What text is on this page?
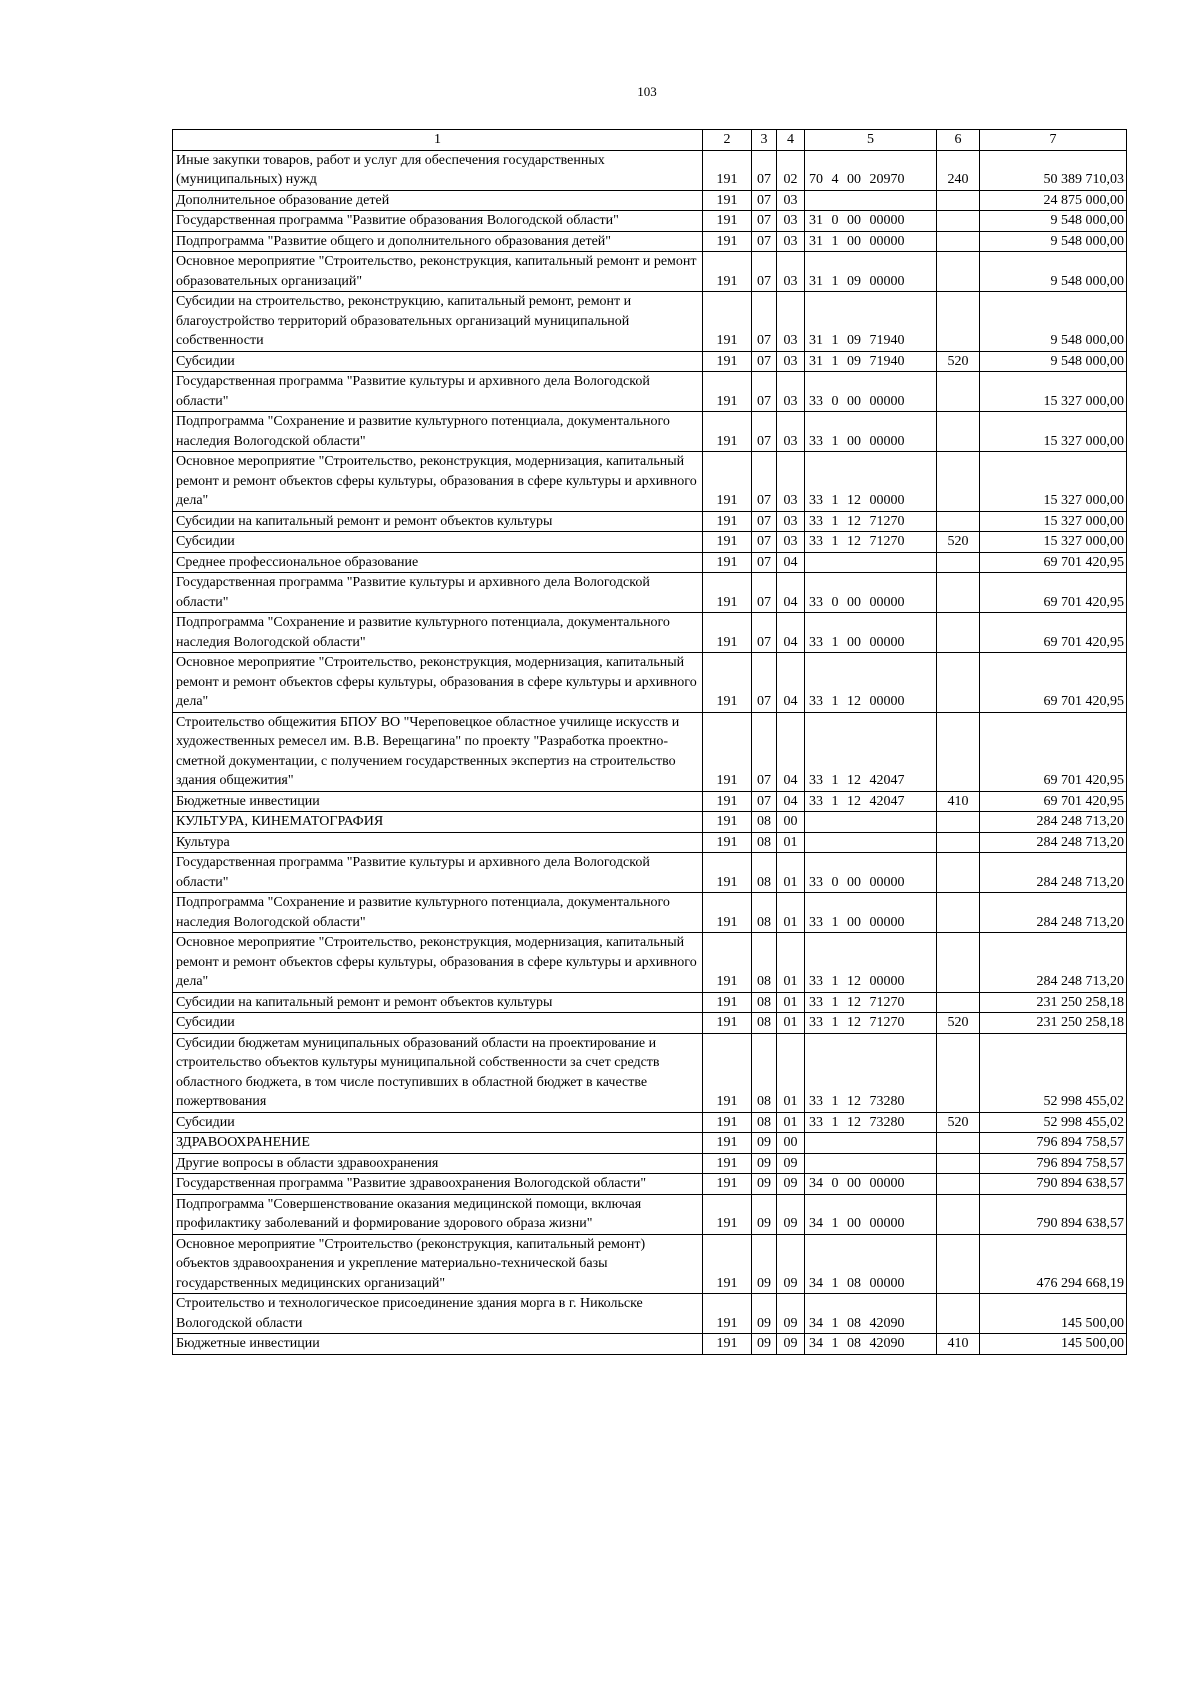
103
1	2	3	4	5	6	7
Иные закупки товаров, работ и услуг для обеспечения государственных (муниципальных) нужд	191	07	02	70 4 00 20970	240	50 389 710,03
Дополнительное образование детей	191	07	03			24 875 000,00
Государственная программа "Развитие образования Вологодской области"	191	07	03	31 0 00 00000		9 548 000,00
Подпрограмма "Развитие общего и дополнительного образования детей"	191	07	03	31 1 00 00000		9 548 000,00
Основное мероприятие "Строительство, реконструкция, капитальный ремонт и ремонт образовательных организаций"	191	07	03	31 1 09 00000		9 548 000,00
Субсидии на строительство, реконструкцию, капитальный ремонт, ремонт и благоустройство территорий образовательных организаций муниципальной собственности	191	07	03	31 1 09 71940		9 548 000,00
Субсидии	191	07	03	31 1 09 71940	520	9 548 000,00
Государственная программа "Развитие культуры и архивного дела Вологодской области"	191	07	03	33 0 00 00000		15 327 000,00
Подпрограмма "Сохранение и развитие культурного потенциала, документального наследия Вологодской области"	191	07	03	33 1 00 00000		15 327 000,00
Основное мероприятие "Строительство, реконструкция, модернизация, капитальный ремонт и ремонт объектов сферы культуры, образования в сфере культуры и архивного дела"	191	07	03	33 1 12 00000		15 327 000,00
Субсидии на капитальный ремонт и ремонт объектов культуры	191	07	03	33 1 12 71270		15 327 000,00
Субсидии	191	07	03	33 1 12 71270	520	15 327 000,00
Среднее профессиональное образование	191	07	04			69 701 420,95
Государственная программа "Развитие культуры и архивного дела Вологодской области"	191	07	04	33 0 00 00000		69 701 420,95
Подпрограмма "Сохранение и развитие культурного потенциала, документального наследия Вологодской области"	191	07	04	33 1 00 00000		69 701 420,95
Основное мероприятие "Строительство, реконструкция, модернизация, капитальный ремонт и ремонт объектов сферы культуры, образования в сфере культуры и архивного дела"	191	07	04	33 1 12 00000		69 701 420,95
Строительство общежития БПОУ ВО "Череповецкое областное училище искусств и художественных ремесел им. В.В. Верещагина" по проекту "Разработка проектно-сметной документации, с получением государственных экспертиз на строительство здания общежития"	191	07	04	33 1 12 42047		69 701 420,95
Бюджетные инвестиции	191	07	04	33 1 12 42047	410	69 701 420,95
КУЛЬТУРА, КИНЕМАТОГРАФИЯ	191	08	00			284 248 713,20
Культура	191	08	01			284 248 713,20
Государственная программа "Развитие культуры и архивного дела Вологодской области"	191	08	01	33 0 00 00000		284 248 713,20
Подпрограмма "Сохранение и развитие культурного потенциала, документального наследия Вологодской области"	191	08	01	33 1 00 00000		284 248 713,20
Основное мероприятие "Строительство, реконструкция, модернизация, капитальный ремонт и ремонт объектов сферы культуры, образования в сфере культуры и архивного дела"	191	08	01	33 1 12 00000		284 248 713,20
Субсидии на капитальный ремонт и ремонт объектов культуры	191	08	01	33 1 12 71270		231 250 258,18
Субсидии	191	08	01	33 1 12 71270	520	231 250 258,18
Субсидии бюджетам муниципальных образований области на проектирование и строительство объектов культуры муниципальной собственности за счет средств областного бюджета, в том числе поступивших в областной бюджет в качестве пожертвования	191	08	01	33 1 12 73280		52 998 455,02
Субсидии	191	08	01	33 1 12 73280	520	52 998 455,02
ЗДРАВООХРАНЕНИЕ	191	09	00			796 894 758,57
Другие вопросы в области здравоохранения	191	09	09			796 894 758,57
Государственная программа "Развитие здравоохранения Вологодской области"	191	09	09	34 0 00 00000		790 894 638,57
Подпрограмма "Совершенствование оказания медицинской помощи, включая профилактику заболеваний и формирование здорового образа жизни"	191	09	09	34 1 00 00000		790 894 638,57
Основное мероприятие "Строительство (реконструкция, капитальный ремонт) объектов здравоохранения и укрепление материально-технической базы государственных медицинских организаций"	191	09	09	34 1 08 00000		476 294 668,19
Строительство и технологическое присоединение здания морга в г. Никольске Вологодской области	191	09	09	34 1 08 42090		145 500,00
Бюджетные инвестиции	191	09	09	34 1 08 42090	410	145 500,00
